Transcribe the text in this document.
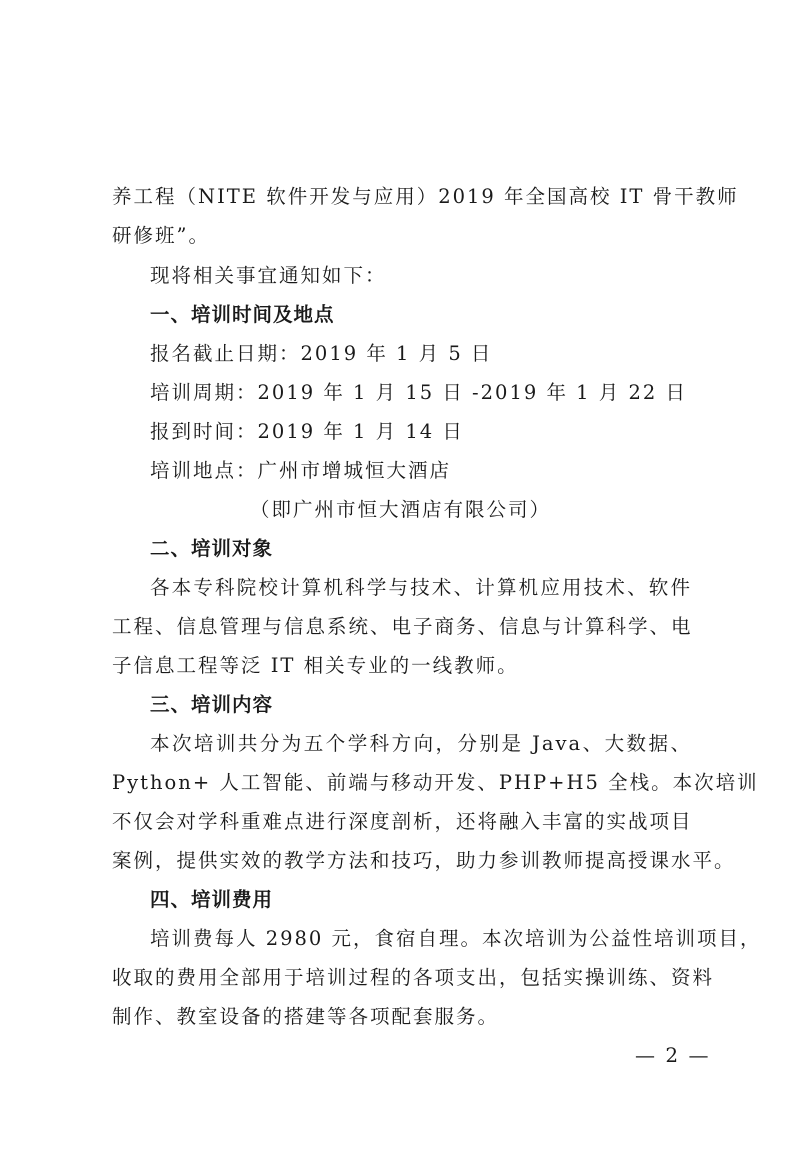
养工程（NITE 软件开发与应用）2019 年全国高校 IT 骨干教师
研修班”。
现将相关事宜通知如下：
一、培训时间及地点
报名截止日期：2019 年 1 月 5 日
培训周期：2019 年 1 月 15 日 -2019 年 1 月 22 日
报到时间：2019 年 1 月 14 日
培训地点：广州市增城恒大酒店
（即广州市恒大酒店有限公司）
二、培训对象
各本专科院校计算机科学与技术、计算机应用技术、软件
工程、信息管理与信息系统、电子商务、信息与计算科学、电
子信息工程等泛 IT 相关专业的一线教师。
三、培训内容
本次培训共分为五个学科方向，分别是 Java、大数据、
Python+ 人工智能、前端与移动开发、PHP+H5 全栈。本次培训
不仅会对学科重难点进行深度剖析，还将融入丰富的实战项目
案例，提供实效的教学方法和技巧，助力参训教师提高授课水平。
四、培训费用
培训费每人 2980 元，食宿自理。本次培训为公益性培训项目，
收取的费用全部用于培训过程的各项支出，包括实操训练、资料
制作、教室设备的搭建等各项配套服务。
— 2 —
